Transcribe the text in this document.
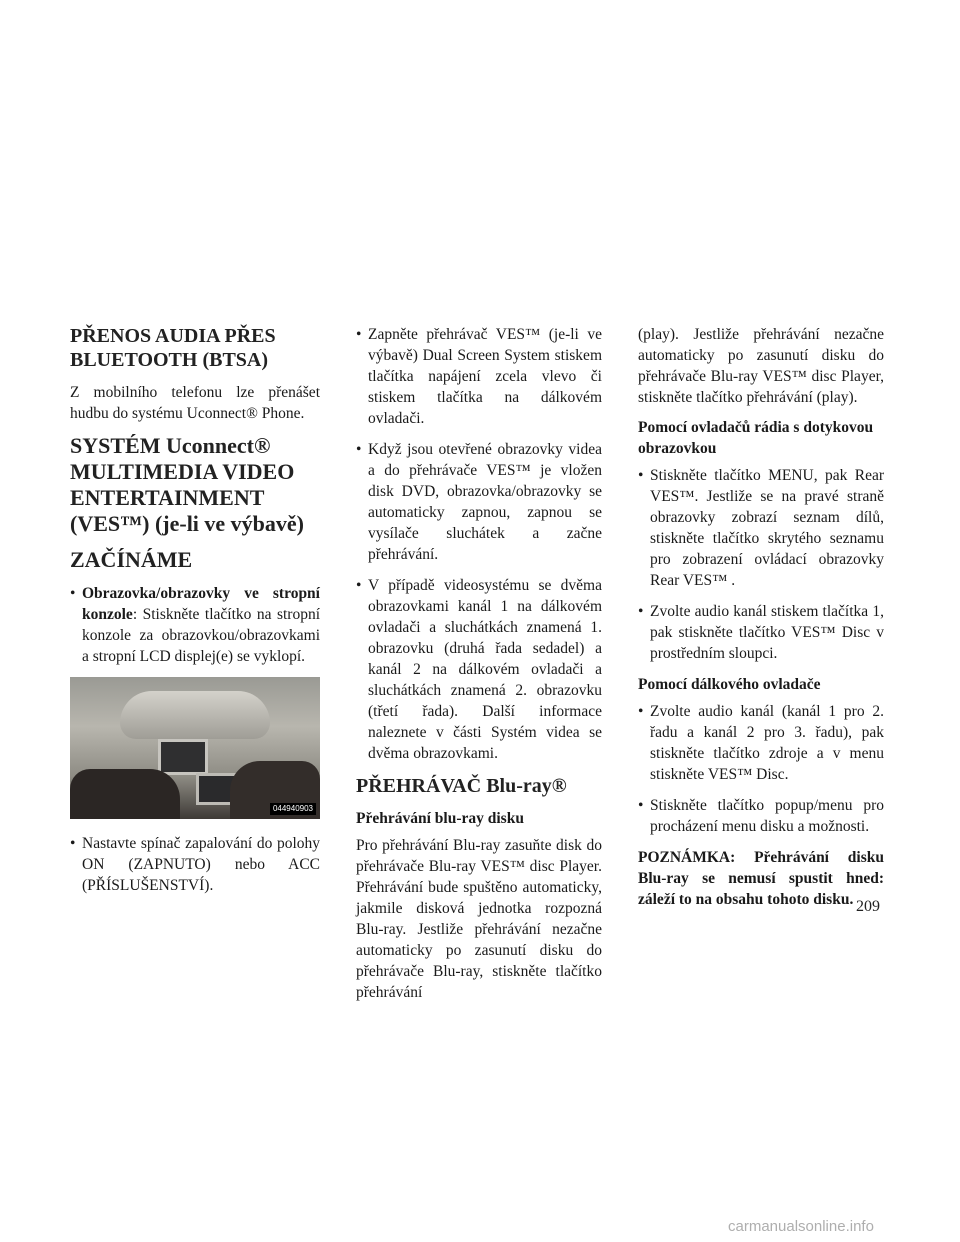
PŘENOS AUDIA PŘES BLUETOOTH (BTSA)

Z mobilního telefonu lze přenášet hudbu do systému Uconnect® Phone.

SYSTÉM Uconnect® MULTIMEDIA VIDEO ENTERTAINMENT (VES™) (je-li ve výbavě)
ZAČÍNÁME
• Obrazovka/obrazovky ve stropní konzole: Stiskněte tlačítko na stropní konzole za obrazovkou/obrazovkami a stropní LCD displej(e) se vyklopí.
044940903
• Nastavte spínač zapalování do polohy ON (ZAPNUTO) nebo ACC (PŘÍSLUŠENSTVÍ).
• Zapněte přehrávač VES™ (je-li ve výbavě) Dual Screen System stiskem tlačítka napájení zcela vlevo či stiskem tlačítka na dálkovém ovladači.
• Když jsou otevřené obrazovky videa a do přehrávače VES™ je vložen disk DVD, obrazovka/obrazovky se automaticky zapnou, zapnou se vysílače sluchátek a začne přehrávání.
• V případě videosystému se dvěma obrazovkami kanál 1 na dálkovém ovladači a sluchátkách znamená 1. obrazovku (druhá řada sedadel) a kanál 2 na dálkovém ovladači a sluchátkách znamená 2. obrazovku (třetí řada). Další informace naleznete v části Systém videa se dvěma obrazovkami.
PŘEHRÁVAČ Blu-ray®

Přehrávání blu-ray disku

Pro přehrávání Blu-ray zasuňte disk do přehrávače Blu-ray VES™ disc Player. Přehrávání bude spuštěno automaticky, jakmile disková jednotka rozpozná Blu-ray. Jestliže přehrávání nezačne automaticky po zasunutí disku do přehrávače Blu-ray, stiskněte tlačítko přehrávání

(play). Jestliže přehrávání nezačne automaticky po zasunutí disku do přehrávače Blu-ray VES™ disc Player, stiskněte tlačítko přehrávání (play).

Pomocí ovladačů rádia s dotykovou obrazovkou

• Stiskněte tlačítko MENU, pak Rear VES™. Jestliže se na pravé straně obrazovky zobrazí seznam dílů, stiskněte tlačítko skrytého seznamu pro zobrazení ovládací obrazovky Rear VES™ .
• Zvolte audio kanál stiskem tlačítka 1, pak stiskněte tlačítko VES™ Disc v prostředním sloupci.

Pomocí dálkového ovladače

• Zvolte audio kanál (kanál 1 pro 2. řadu a kanál 2 pro 3. řadu), pak stiskněte tlačítko zdroje a v menu stiskněte VES™ Disc.
• Stiskněte tlačítko popup/menu pro procházení menu disku a možnosti.

POZNÁMKA: Přehrávání disku Blu-ray se nemusí spustit hned: záleží to na obsahu tohoto disku. 209
carmanualsonline.info
